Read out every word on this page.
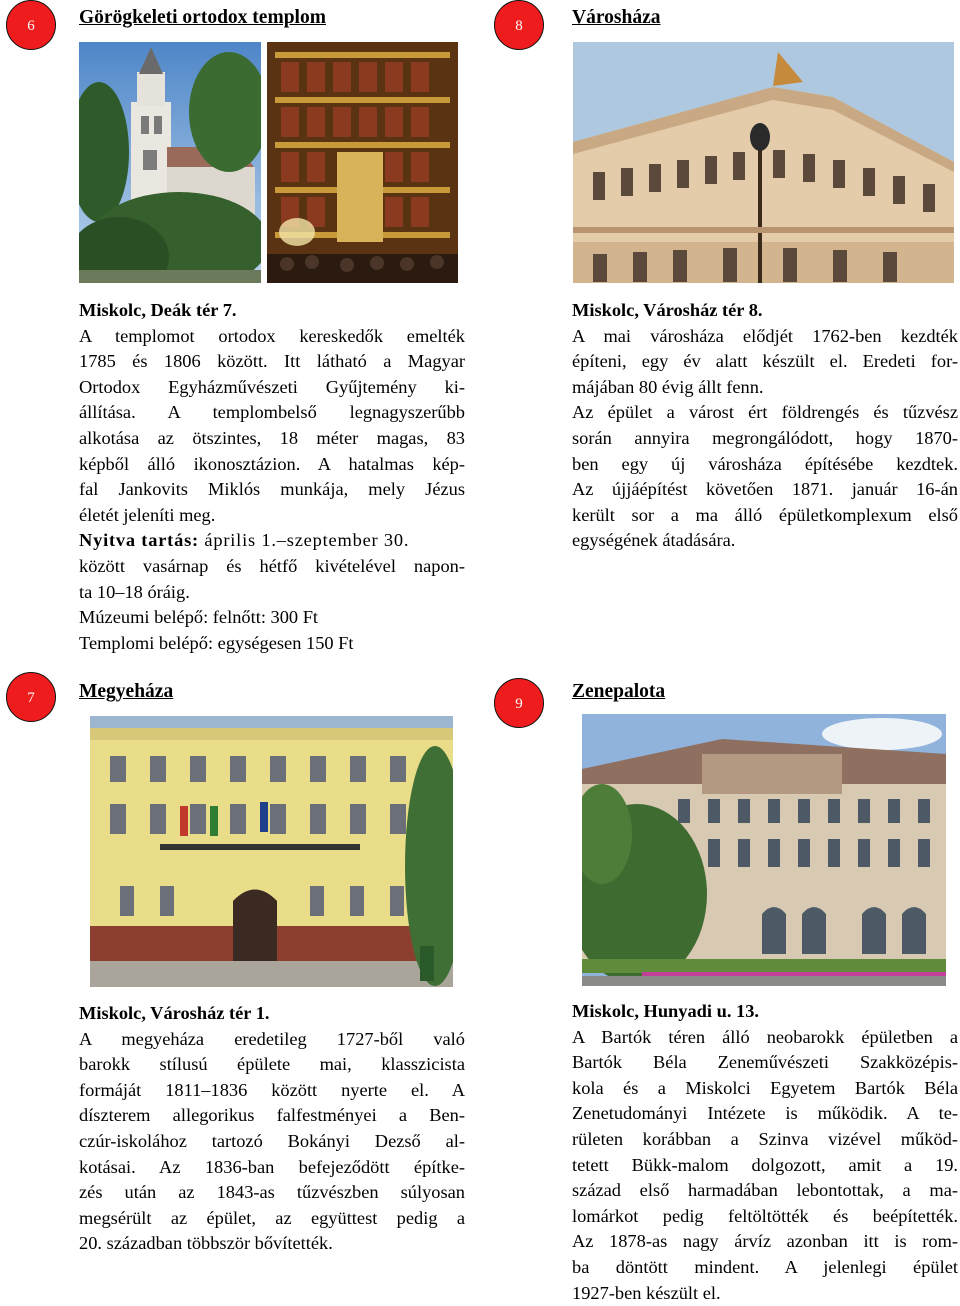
6	Görögkeleti ortodox templom
Miskolc, Deák tér 7.
A templomot ortodox kereskedők emelték
1785 és 1806 között. Itt látható a Magyar
Ortodox Egyházművészeti Gyűjtemény ki-
állítása. A templombelső legnagyszerűbb
alkotása az ötszintes, 18 méter magas, 83
képből álló ikonosztázion. A hatalmas kép-
fal Jankovits Miklós munkája, mely Jézus
életét jeleníti meg.
Nyitva tartás: április 1.–szeptember 30.
között vasárnap és hétfő kivételével napon-
ta 10–18 óráig.
Múzeumi belépő: felnőtt: 300 Ft
Templomi belépő: egységesen 150 Ft
8	Városháza
Miskolc, Városház tér 8.
A mai városháza elődjét 1762-ben kezdték
építeni, egy év alatt készült el. Eredeti for-
májában 80 évig állt fenn.
Az épület a várost ért földrengés és tűzvész
során annyira megrongálódott, hogy 1870-
ben egy új városháza építésébe kezdtek.
Az újjáépítést követően 1871. január 16-án
került sor a ma álló épületkomplexum első
egységének átadására.
7	Megyeháza
Miskolc, Városház tér 1.
A megyeháza eredetileg 1727-ből való
barokk stílusú épülete mai, klasszicista
formáját 1811–1836 között nyerte el. A
díszterem allegorikus falfestményei a Ben-
czúr-iskolához tartozó Bokányi Dezső al-
kotásai. Az 1836-ban befejeződött építke-
zés után az 1843-as tűzvészben súlyosan
megsérült az épület, az együttest pedig a
20. században többször bővítették.
9
Zenepalota
Miskolc, Hunyadi u. 13.
A Bartók téren álló neobarokk épületben a
Bartók Béla Zeneművészeti Szakközépis-
kola és a Miskolci Egyetem Bartók Béla
Zenetudományi Intézete is működik. A te-
rületen korábban a Szinva vizével működ-
tetett Bükk-malom dolgozott, amit a 19.
század első harmadában lebontottak, a ma-
lomárkot pedig feltöltötték és beépítették.
Az 1878-as nagy árvíz azonban itt is rom-
ba döntött mindent. A jelenlegi épület
1927-ben készült el.
